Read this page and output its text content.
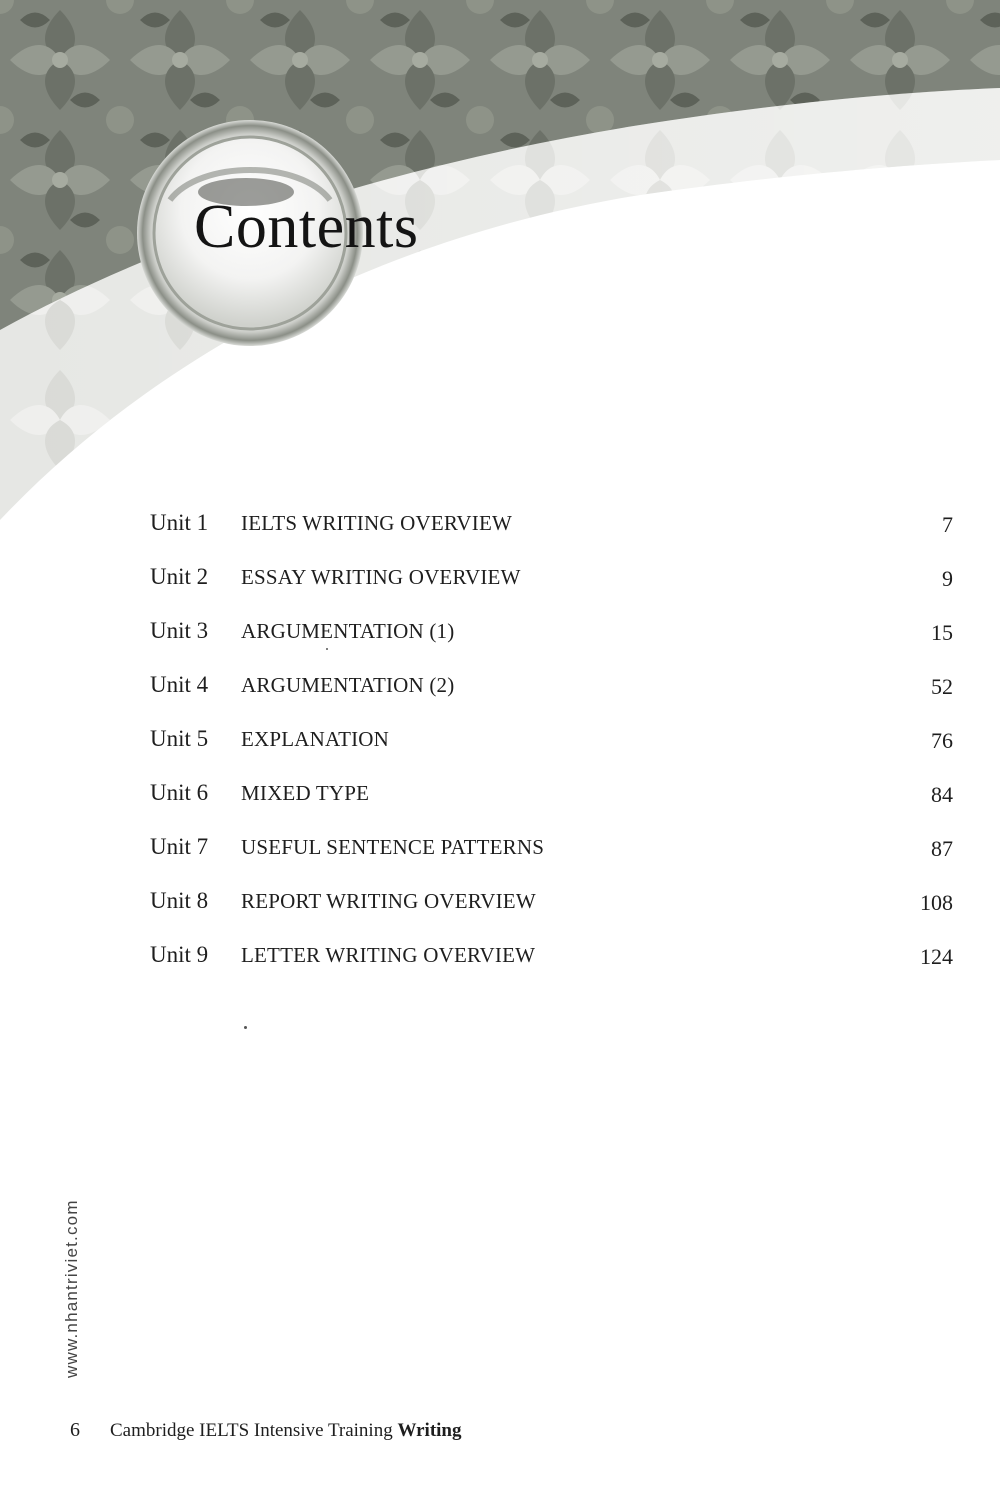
Contents
Unit 1 IELTS WRITING OVERVIEW	7
Unit 2 ESSAY WRITING OVERVIEW	9
Unit 3 ARGUMENTATION (1)	15
Unit 4 ARGUMENTATION (2)	52
Unit 5 EXPLANATION	76
Unit 6 MIXED TYPE	84
Unit 7 USEFUL SENTENCE PATTERNS	87
Unit 8 REPORT WRITING OVERVIEW	108
Unit 9 LETTER WRITING OVERVIEW	124
www.nhantriviet.com
6 Cambridge IELTS Intensive Training Writing
